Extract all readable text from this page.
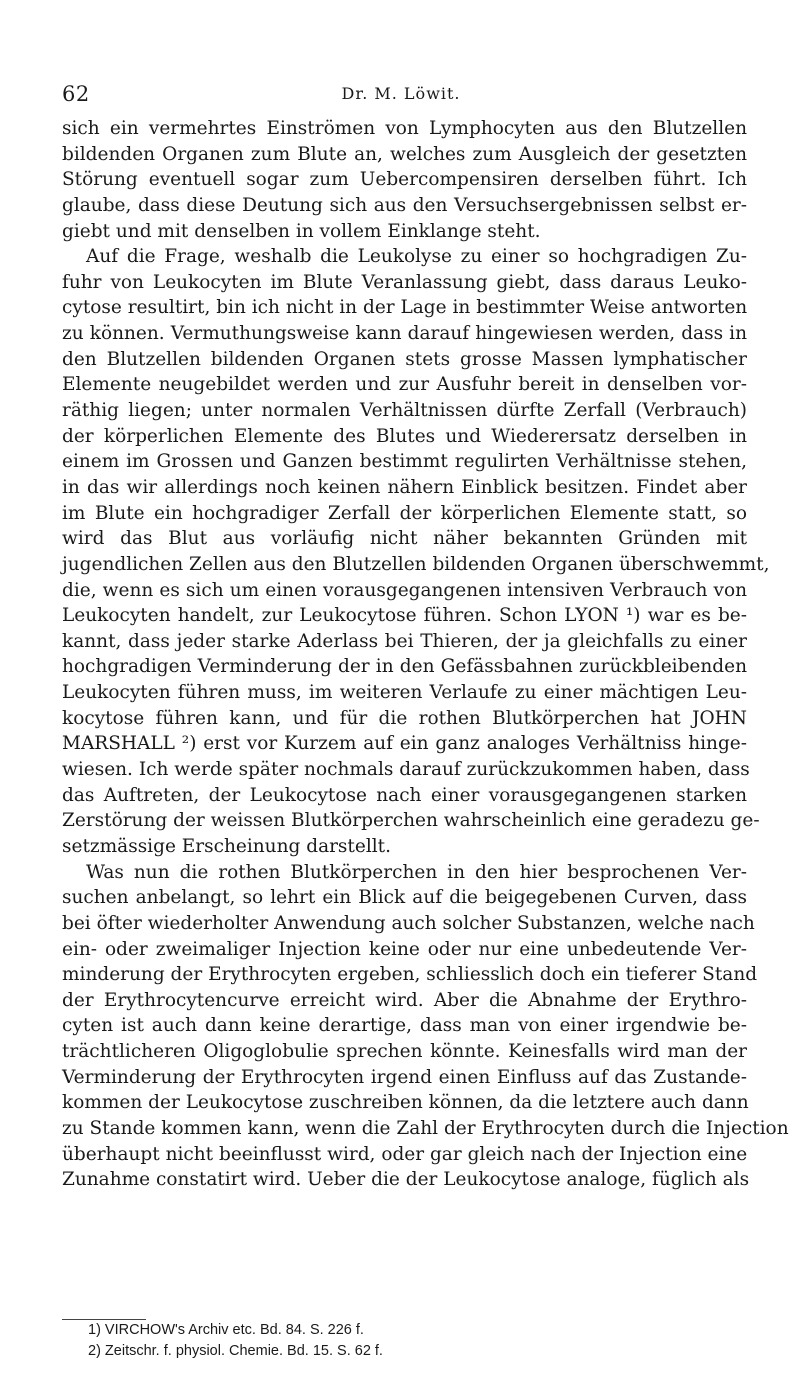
62	Dr. M. Löwit.
sich ein vermehrtes Einströmen von Lymphocyten aus den Blutzellen
bildenden Organen zum Blute an, welches zum Ausgleich der gesetzten
Störung eventuell sogar zum Uebercompensiren derselben führt. Ich
glaube, dass diese Deutung sich aus den Versuchsergebnissen selbst er-
giebt und mit denselben in vollem Einklange steht.
Auf die Frage, weshalb die Leukolyse zu einer so hochgradigen Zu-
fuhr von Leukocyten im Blute Veranlassung giebt, dass daraus Leuko-
cytose resultirt, bin ich nicht in der Lage in bestimmter Weise antworten
zu können. Vermuthungsweise kann darauf hingewiesen werden, dass in
den Blutzellen bildenden Organen stets grosse Massen lymphatischer
Elemente neugebildet werden und zur Ausfuhr bereit in denselben vor-
räthig liegen; unter normalen Verhältnissen dürfte Zerfall (Verbrauch)
der körperlichen Elemente des Blutes und Wiederersatz derselben in
einem im Grossen und Ganzen bestimmt regulirten Verhältnisse stehen,
in das wir allerdings noch keinen nähern Einblick besitzen. Findet aber
im Blute ein hochgradiger Zerfall der körperlichen Elemente statt, so
wird das Blut aus vorläufig nicht näher bekannten Gründen mit
jugendlichen Zellen aus den Blutzellen bildenden Organen überschwemmt,
die, wenn es sich um einen vorausgegangenen intensiven Verbrauch von
Leukocyten handelt, zur Leukocytose führen. Schon LYON ¹) war es be-
kannt, dass jeder starke Aderlass bei Thieren, der ja gleichfalls zu einer
hochgradigen Verminderung der in den Gefässbahnen zurückbleibenden
Leukocyten führen muss, im weiteren Verlaufe zu einer mächtigen Leu-
kocytose führen kann, und für die rothen Blutkörperchen hat JOHN
MARSHALL ²) erst vor Kurzem auf ein ganz analoges Verhältniss hinge-
wiesen. Ich werde später nochmals darauf zurückzukommen haben, dass
das Auftreten, der Leukocytose nach einer vorausgegangenen starken
Zerstörung der weissen Blutkörperchen wahrscheinlich eine geradezu ge-
setzmässige Erscheinung darstellt.
Was nun die rothen Blutkörperchen in den hier besprochenen Ver-
suchen anbelangt, so lehrt ein Blick auf die beigegebenen Curven, dass
bei öfter wiederholter Anwendung auch solcher Substanzen, welche nach
ein- oder zweimaliger Injection keine oder nur eine unbedeutende Ver-
minderung der Erythrocyten ergeben, schliesslich doch ein tieferer Stand
der Erythrocytencurve erreicht wird. Aber die Abnahme der Erythro-
cyten ist auch dann keine derartige, dass man von einer irgendwie be-
trächtlicheren Oligoglobulie sprechen könnte. Keinesfalls wird man der
Verminderung der Erythrocyten irgend einen Einfluss auf das Zustande-
kommen der Leukocytose zuschreiben können, da die letztere auch dann
zu Stande kommen kann, wenn die Zahl der Erythrocyten durch die Injection
überhaupt nicht beeinflusst wird, oder gar gleich nach der Injection eine
Zunahme constatirt wird. Ueber die der Leukocytose analoge, füglich als
1) VIRCHOW's Archiv etc. Bd. 84. S. 226 f.
2) Zeitschr. f. physiol. Chemie. Bd. 15. S. 62 f.
